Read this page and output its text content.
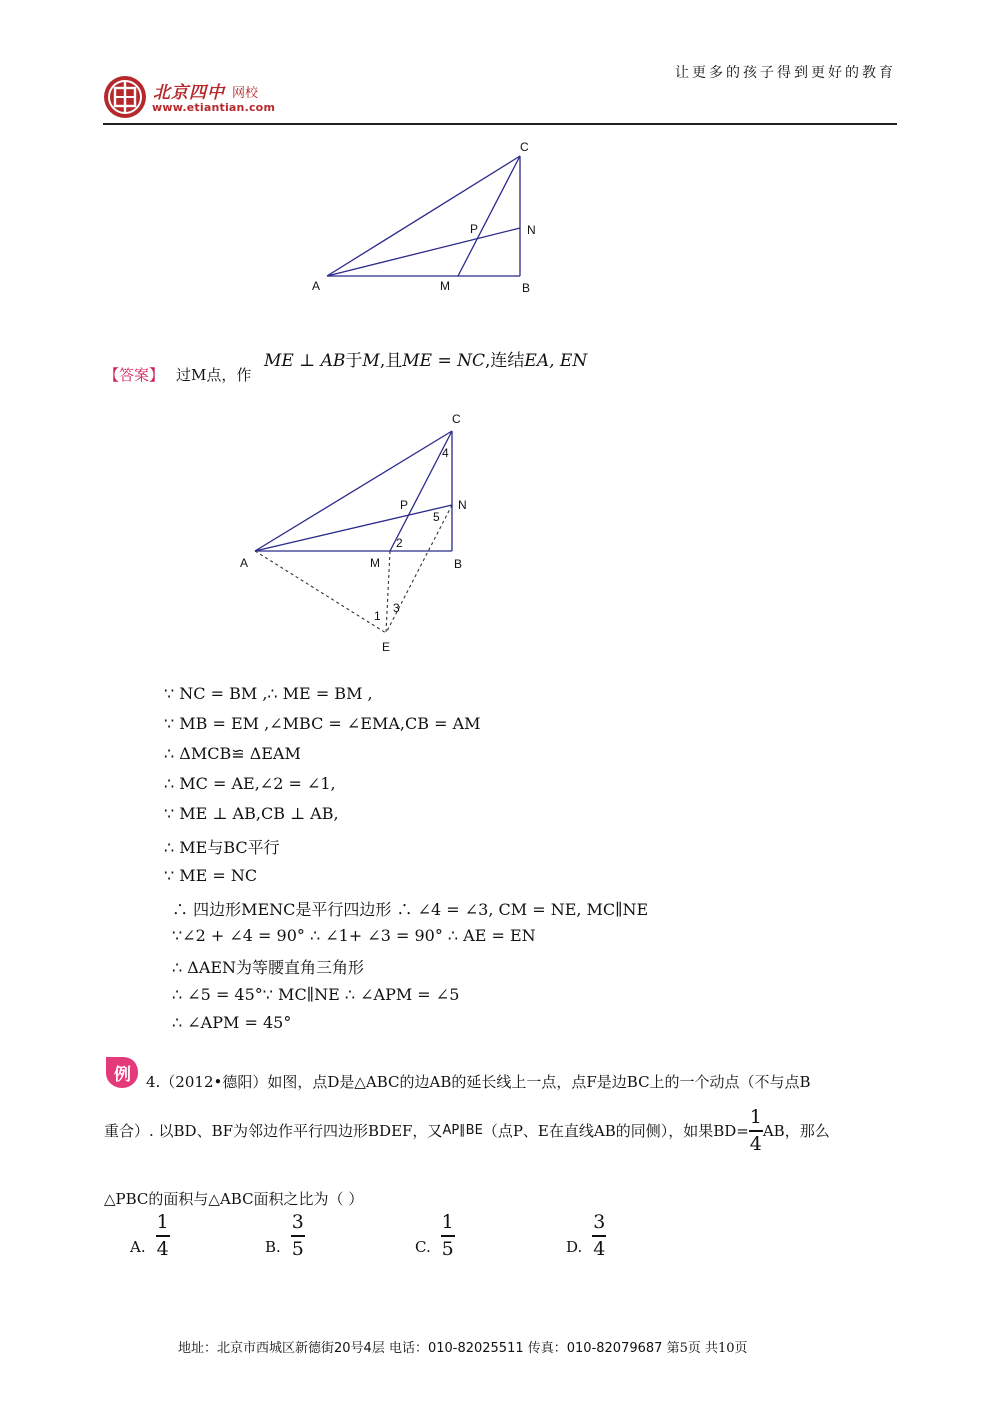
让更多的孩子得到更好的教育
北京四中 网校
www.etiantian.com
A	M	B
C
N
P
【答案】 过M点，作
ME ⊥ AB于M,且ME = NC,连结EA, EN
A	M	B
C
N
P
E
1
2
3
4
5
∵ NC = BM ,∴ ME = BM ,
∵ MB = EM ,∠MBC = ∠EMA,CB = AM
∴ ΔMCB≌ ΔEAM
∴ MC = AE,∠2 = ∠1,
∵ ME ⊥ AB,CB ⊥ AB,
∴ ME与BC平行
∵ ME = NC
∴ 四边形MENC是平行四边形 ∴ ∠4 = ∠3, CM = NE, MC∥NE
∵∠2 + ∠4 = 90° ∴ ∠1+ ∠3 = 90° ∴ AE = EN
∴ ΔAEN为等腰直角三角形
∴ ∠5 = 45°∵ MC∥NE ∴ ∠APM = ∠5
∴ ∠APM = 45°
例 4.（2012•德阳）如图，点D是△ABC的边AB的延长线上一点，点F是边BC上的一个动点（不与点B
重合）. 以BD、BF为邻边作平行四边形BDEF，又 AP∥BE （点P、E在直线AB的同侧），如果$BD= \frac{1}{4}$ AB，那么
△PBC的面积与△ABC面积之比为（ ）
A. $\frac{1}{4}$	B. $\frac{3}{5}$	C. $\frac{1}{5}$	D. $\frac{3}{4}$
地址：北京市西城区新德街20号4层 电话：010-82025511 传真：010-82079687 第5页 共10页
